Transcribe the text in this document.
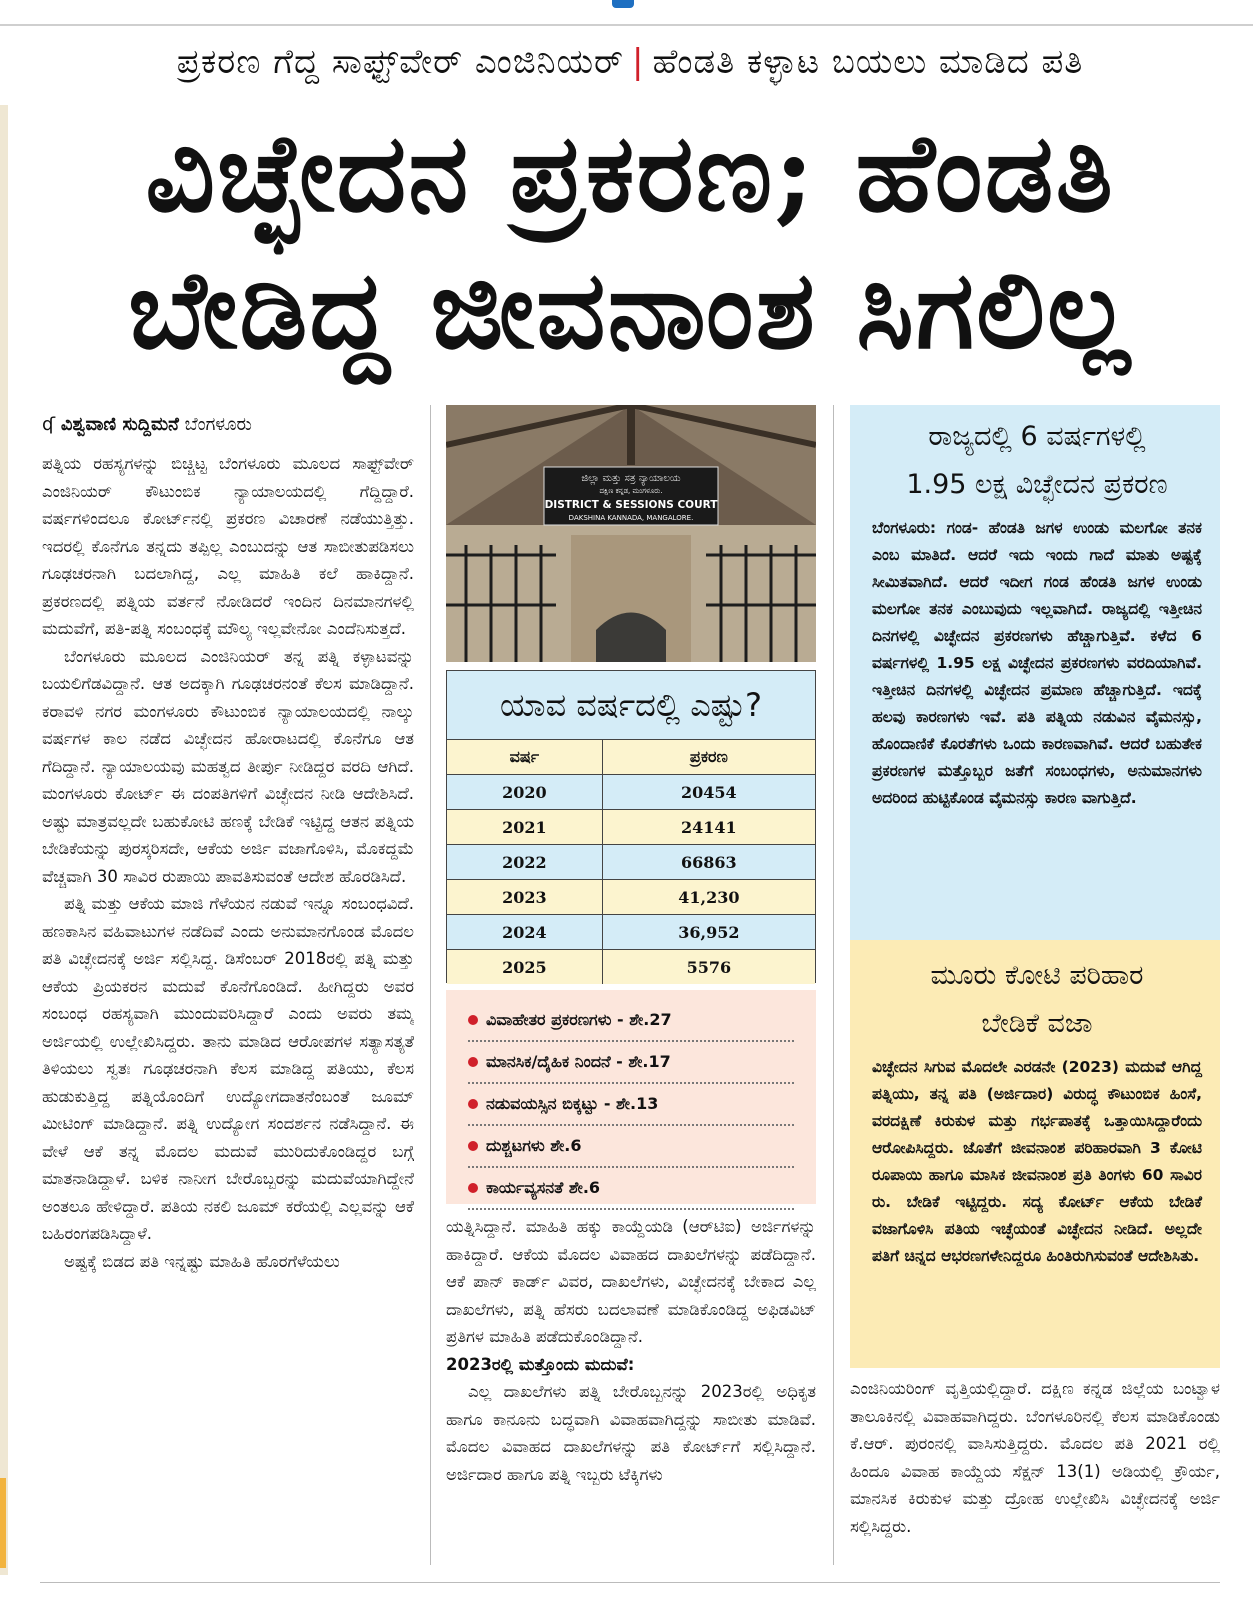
ಪ್ರಕರಣ ಗೆದ್ದ ಸಾಫ್ಟ್‌ವೇರ್ ಎಂಜಿನಿಯರ್ | ಹೆಂಡತಿ ಕಳ್ಳಾಟ ಬಯಲು ಮಾಡಿದ ಪತಿ
ವಿಚ್ಛೇದನ ಪ್ರಕರಣ; ಹೆಂಡತಿ
ಬೇಡಿದ್ದ ಜೀವನಾಂಶ ಸಿಗಲಿಲ್ಲ
ʠ ವಿಶ್ವವಾಣಿ ಸುದ್ದಿಮನೆ ಬೆಂಗಳೂರು

ಪತ್ನಿಯ ರಹಸ್ಯಗಳನ್ನು ಬಿಚ್ಚಿಟ್ಟ ಬೆಂಗಳೂರು ಮೂಲದ ಸಾಫ್ಟ್‌ವೇರ್ ಎಂಜಿನಿಯರ್ ಕೌಟುಂಬಿಕ ನ್ಯಾಯಾಲಯದಲ್ಲಿ ಗೆದ್ದಿದ್ದಾರೆ. ವರ್ಷಗಳಿಂದಲೂ ಕೋರ್ಟ್‌ನಲ್ಲಿ ಪ್ರಕರಣ ವಿಚಾರಣೆ ನಡೆಯುತ್ತಿತ್ತು. ಇದರಲ್ಲಿ ಕೊನೆಗೂ ತನ್ನದು ತಪ್ಪಿಲ್ಲ ಎಂಬುದನ್ನು ಆತ ಸಾಬೀತುಪಡಿಸಲು ಗೂಢಚರನಾಗಿ ಬದಲಾಗಿದ್ದ, ಎಲ್ಲ ಮಾಹಿತಿ ಕಲೆ ಹಾಕಿದ್ದಾನೆ. ಪ್ರಕರಣದಲ್ಲಿ ಪತ್ನಿಯ ವರ್ತನೆ ನೋಡಿದರೆ ಇಂದಿನ ದಿನಮಾನಗಳಲ್ಲಿ ಮದುವೆಗೆ, ಪತಿ-ಪತ್ನಿ ಸಂಬಂಧಕ್ಕೆ ಮೌಲ್ಯ ಇಲ್ಲವೇನೋ ಎಂದೆನಿಸುತ್ತದೆ.

ಬೆಂಗಳೂರು ಮೂಲದ ಎಂಜಿನಿಯರ್ ತನ್ನ ಪತ್ನಿ ಕಳ್ಳಾಟವನ್ನು ಬಯಲಿಗೆಡವಿದ್ದಾನೆ. ಆತ ಅದಕ್ಕಾಗಿ ಗೂಢಚರನಂತೆ ಕೆಲಸ ಮಾಡಿದ್ದಾನೆ. ಕರಾವಳಿ ನಗರ ಮಂಗಳೂರು ಕೌಟುಂಬಿಕ ನ್ಯಾಯಾಲಯದಲ್ಲಿ ನಾಲ್ಕು ವರ್ಷಗಳ ಕಾಲ ನಡೆದ ವಿಚ್ಛೇದನ ಹೋರಾಟದಲ್ಲಿ ಕೊನೆಗೂ ಆತ ಗೆದಿದ್ದಾನೆ. ನ್ಯಾಯಾಲಯವು ಮಹತ್ವದ ತೀರ್ಪು ನೀಡಿದ್ದರ ವರದಿ ಆಗಿದೆ. ಮಂಗಳೂರು ಕೋರ್ಟ್ ಈ ದಂಪತಿಗಳಿಗೆ ವಿಚ್ಛೇದನ ನೀಡಿ ಆದೇಶಿಸಿದೆ. ಅಷ್ಟು ಮಾತ್ರವಲ್ಲದೇ ಬಹುಕೋಟಿ ಹಣಕ್ಕೆ ಬೇಡಿಕೆ ಇಟ್ಟಿದ್ದ ಆತನ ಪತ್ನಿಯ ಬೇಡಿಕೆಯನ್ನು ಪುರಸ್ಕರಿಸದೇ, ಆಕೆಯ ಅರ್ಜಿ ವಜಾಗೊಳಿಸಿ, ಮೊಕದ್ದಮೆ ವೆಚ್ಚವಾಗಿ 30 ಸಾವಿರ ರುಪಾಯಿ ಪಾವತಿಸುವಂತೆ ಆದೇಶ ಹೊರಡಿಸಿದೆ.

ಪತ್ನಿ ಮತ್ತು ಆಕೆಯ ಮಾಜಿ ಗೆಳೆಯನ ನಡುವೆ ಇನ್ನೂ ಸಂಬಂಧವಿದೆ. ಹಣಕಾಸಿನ ವಹಿವಾಟುಗಳ ನಡೆದಿವೆ ಎಂದು ಅನುಮಾನಗೊಂಡ ಮೊದಲ ಪತಿ ವಿಚ್ಛೇದನಕ್ಕೆ ಅರ್ಜಿ ಸಲ್ಲಿಸಿದ್ದ. ಡಿಸೆಂಬರ್ 2018ರಲ್ಲಿ ಪತ್ನಿ ಮತ್ತು ಆಕೆಯ ಪ್ರಿಯಕರನ ಮದುವೆ ಕೊನೆಗೊಂಡಿದೆ. ಹೀಗಿದ್ದರು ಅವರ ಸಂಬಂಧ ರಹಸ್ಯವಾಗಿ ಮುಂದುವರಿಸಿದ್ದಾರೆ ಎಂದು ಅವರು ತಮ್ಮ ಅರ್ಜಿಯಲ್ಲಿ ಉಲ್ಲೇಖಿಸಿದ್ದರು. ತಾನು ಮಾಡಿದ ಆರೋಪಗಳ ಸತ್ಯಾಸತ್ಯತೆ ತಿಳಿಯಲು ಸ್ವತಃ ಗೂಢಚರನಾಗಿ ಕೆಲಸ ಮಾಡಿದ್ದ ಪತಿಯು, ಕೆಲಸ ಹುಡುಕುತ್ತಿದ್ದ ಪತ್ನಿಯೊಂದಿಗೆ ಉದ್ಯೋಗದಾತನೆಂಬಂತೆ ಜೂಮ್ ಮೀಟಿಂಗ್ ಮಾಡಿದ್ದಾನೆ. ಪತ್ನಿ ಉದ್ಯೋಗ ಸಂದರ್ಶನ ನಡೆಸಿದ್ದಾನೆ. ಈ ವೇಳೆ ಆಕೆ ತನ್ನ ಮೊದಲ ಮದುವೆ ಮುರಿದುಕೊಂಡಿದ್ದರ ಬಗ್ಗೆ ಮಾತನಾಡಿದ್ದಾಳೆ. ಬಳಿಕ ನಾನೀಗ ಬೇರೊಬ್ಬರನ್ನು ಮದುವೆಯಾಗಿದ್ದೇನೆ ಅಂತಲೂ ಹೇಳಿದ್ದಾರೆ. ಪತಿಯ ನಕಲಿ ಜೂಮ್ ಕರೆಯಲ್ಲಿ ಎಲ್ಲವನ್ನು ಆಕೆ ಬಹಿರಂಗಪಡಿಸಿದ್ದಾಳೆ.

ಅಷ್ಟಕ್ಕೆ ಬಿಡದ ಪತಿ ಇನ್ನಷ್ಟು ಮಾಹಿತಿ ಹೊರಗೆಳೆಯಲು

ಜಿಲ್ಲಾ ಮತ್ತು ಸತ್ರ ನ್ಯಾಯಾಲಯ
ದಕ್ಷಿಣ ಕನ್ನಡ, ಮಂಗಳೂರು.
DISTRICT & SESSIONS COURT
DAKSHINA KANNADA, MANGALORE.
ಯಾವ ವರ್ಷದಲ್ಲಿ ಎಷ್ಟು?
ವರ್ಷ	ಪ್ರಕರಣ
2020	20454
2021	24141
2022	66863
2023	41,230
2024	36,952
2025	5576
ವಿವಾಹೇತರ ಪ್ರಕರಣಗಳು - ಶೇ.27
ಮಾನಸಿಕ/ದೈಹಿಕ ನಿಂದನೆ - ಶೇ.17
ನಡುವಯಸ್ಸಿನ ಬಿಕ್ಕಟ್ಟು - ಶೇ.13
ದುಶ್ಚಟಗಳು ಶೇ.6
ಕಾರ್ಯವ್ಯಸನತೆ ಶೇ.6

ಯತ್ನಿಸಿದ್ದಾನೆ. ಮಾಹಿತಿ ಹಕ್ಕು ಕಾಯ್ದೆಯಡಿ (ಆರ್‌ಟಿಐ) ಅರ್ಜಿಗಳನ್ನು ಹಾಕಿದ್ದಾರೆ. ಆಕೆಯ ಮೊದಲ ವಿವಾಹದ ದಾಖಲೆಗಳನ್ನು ಪಡೆದಿದ್ದಾನೆ. ಆಕೆ ಪಾನ್ ಕಾರ್ಡ್ ವಿವರ, ದಾಖಲೆಗಳು, ವಿಚ್ಛೇದನಕ್ಕೆ ಬೇಕಾದ ಎಲ್ಲ ದಾಖಲೆಗಳು, ಪತ್ನಿ ಹೆಸರು ಬದಲಾವಣೆ ಮಾಡಿಕೊಂಡಿದ್ದ ಅಫಿಡವಿಟ್ ಪ್ರತಿಗಳ ಮಾಹಿತಿ ಪಡೆದುಕೊಂಡಿದ್ದಾನೆ.

2023ರಲ್ಲಿ ಮತ್ತೊಂದು ಮದುವೆ:

ಎಲ್ಲ ದಾಖಲೆಗಳು ಪತ್ನಿ ಬೇರೊಬ್ಬನನ್ನು 2023ರಲ್ಲಿ ಅಧಿಕೃತ ಹಾಗೂ ಕಾನೂನು ಬದ್ಧವಾಗಿ ವಿವಾಹವಾಗಿದ್ದನ್ನು ಸಾಬೀತು ಮಾಡಿವೆ. ಮೊದಲ ವಿವಾಹದ ದಾಖಲೆಗಳನ್ನು ಪತಿ ಕೋರ್ಟ್‌ಗೆ ಸಲ್ಲಿಸಿದ್ದಾನೆ. ಅರ್ಜಿದಾರ ಹಾಗೂ ಪತ್ನಿ ಇಬ್ಬರು ಟೆಕ್ಕಿಗಳು

ರಾಜ್ಯದಲ್ಲಿ 6 ವರ್ಷಗಳಲ್ಲಿ
1.95 ಲಕ್ಷ ವಿಚ್ಛೇದನ ಪ್ರಕರಣ
ಬೆಂಗಳೂರು: ಗಂಡ- ಹೆಂಡತಿ ಜಗಳ ಉಂಡು ಮಲಗೋ ತನಕ ಎಂಬ ಮಾತಿದೆ. ಆದರೆ ಇದು ಇಂದು ಗಾದೆ ಮಾತು ಅಷ್ಟಕ್ಕೆ ಸೀಮಿತವಾಗಿದೆ. ಆದರೆ ಇದೀಗ ಗಂಡ ಹೆಂಡತಿ ಜಗಳ ಉಂಡು ಮಲಗೋ ತನಕ ಎಂಬುವುದು ಇಲ್ಲವಾಗಿದೆ. ರಾಜ್ಯದಲ್ಲಿ ಇತ್ತೀಚಿನ ದಿನಗಳಲ್ಲಿ ವಿಚ್ಛೇದನ ಪ್ರಕರಣಗಳು ಹೆಚ್ಚಾಗುತ್ತಿವೆ. ಕಳೆದ 6 ವರ್ಷಗಳಲ್ಲಿ 1.95 ಲಕ್ಷ ವಿಚ್ಛೇದನ ಪ್ರಕರಣಗಳು ವರದಿಯಾಗಿವೆ. ಇತ್ತೀಚಿನ ದಿನಗಳಲ್ಲಿ ವಿಚ್ಛೇದನ ಪ್ರಮಾಣ ಹೆಚ್ಚಾಗುತ್ತಿದೆ. ಇದಕ್ಕೆ ಹಲವು ಕಾರಣಗಳು ಇವೆ. ಪತಿ ಪತ್ನಿಯ ನಡುವಿನ ವೈಮನಸ್ಸು, ಹೊಂದಾಣಿಕೆ ಕೊರತೆಗಳು ಒಂದು ಕಾರಣವಾಗಿವೆ. ಆದರೆ ಬಹುತೇಕ ಪ್ರಕರಣಗಳ ಮತ್ತೊಬ್ಬರ ಜತೆಗೆ ಸಂಬಂಧಗಳು, ಅನುಮಾನಗಳು ಅದರಿಂದ ಹುಟ್ಟಿಕೊಂಡ ವೈಮನಸ್ಸು ಕಾರಣ ವಾಗುತ್ತಿದೆ.
ಮೂರು ಕೋಟಿ ಪರಿಹಾರ
ಬೇಡಿಕೆ ವಜಾ
ವಿಚ್ಛೇದನ ಸಿಗುವ ಮೊದಲೇ ಎರಡನೇ (2023) ಮದುವೆ ಆಗಿದ್ದ ಪತ್ನಿಯು, ತನ್ನ ಪತಿ (ಅರ್ಜಿದಾರ) ವಿರುದ್ಧ ಕೌಟುಂಬಿಕ ಹಿಂಸೆ, ವರದಕ್ಷಿಣೆ ಕಿರುಕುಳ ಮತ್ತು ಗರ್ಭಪಾತಕ್ಕೆ ಒತ್ತಾಯಿಸಿದ್ದಾರೆಂದು ಆರೋಪಿಸಿದ್ದರು. ಜೊತೆಗೆ ಜೀವನಾಂಶ ಪರಿಹಾರವಾಗಿ 3 ಕೋಟಿ ರೂಪಾಯಿ ಹಾಗೂ ಮಾಸಿಕ ಜೀವನಾಂಶ ಪ್ರತಿ ತಿಂಗಳು 60 ಸಾವಿರ ರು. ಬೇಡಿಕೆ ಇಟ್ಟಿದ್ದರು. ಸದ್ಯ ಕೋರ್ಟ್ ಆಕೆಯ ಬೇಡಿಕೆ ವಜಾಗೊಳಿಸಿ ಪತಿಯ ಇಚ್ಛೆಯಂತೆ ವಿಚ್ಛೇದನ ನೀಡಿದೆ. ಅಲ್ಲದೇ ಪತಿಗೆ ಚಿನ್ನದ ಆಭರಣಗಳೇನಿದ್ದರೂ ಹಿಂತಿರುಗಿಸುವಂತೆ ಆದೇಶಿಸಿತು.

ಎಂಜಿನಿಯರಿಂಗ್ ವೃತ್ತಿಯಲ್ಲಿದ್ದಾರೆ. ದಕ್ಷಿಣ ಕನ್ನಡ ಜಿಲ್ಲೆಯ ಬಂಟ್ವಾಳ ತಾಲೂಕಿನಲ್ಲಿ ವಿವಾಹವಾಗಿದ್ದರು. ಬೆಂಗಳೂರಿನಲ್ಲಿ ಕೆಲಸ ಮಾಡಿಕೊಂಡು ಕೆ.ಆರ್. ಪುರಂನಲ್ಲಿ ವಾಸಿಸುತ್ತಿದ್ದರು. ಮೊದಲ ಪತಿ 2021 ರಲ್ಲಿ ಹಿಂದೂ ವಿವಾಹ ಕಾಯ್ದೆಯ ಸೆಕ್ಷನ್ 13(1) ಅಡಿಯಲ್ಲಿ ಕ್ರೌರ್ಯ, ಮಾನಸಿಕ ಕಿರುಕುಳ ಮತ್ತು ದ್ರೋಹ ಉಲ್ಲೇಖಿಸಿ ವಿಚ್ಛೇದನಕ್ಕೆ ಅರ್ಜಿ ಸಲ್ಲಿಸಿದ್ದರು.
